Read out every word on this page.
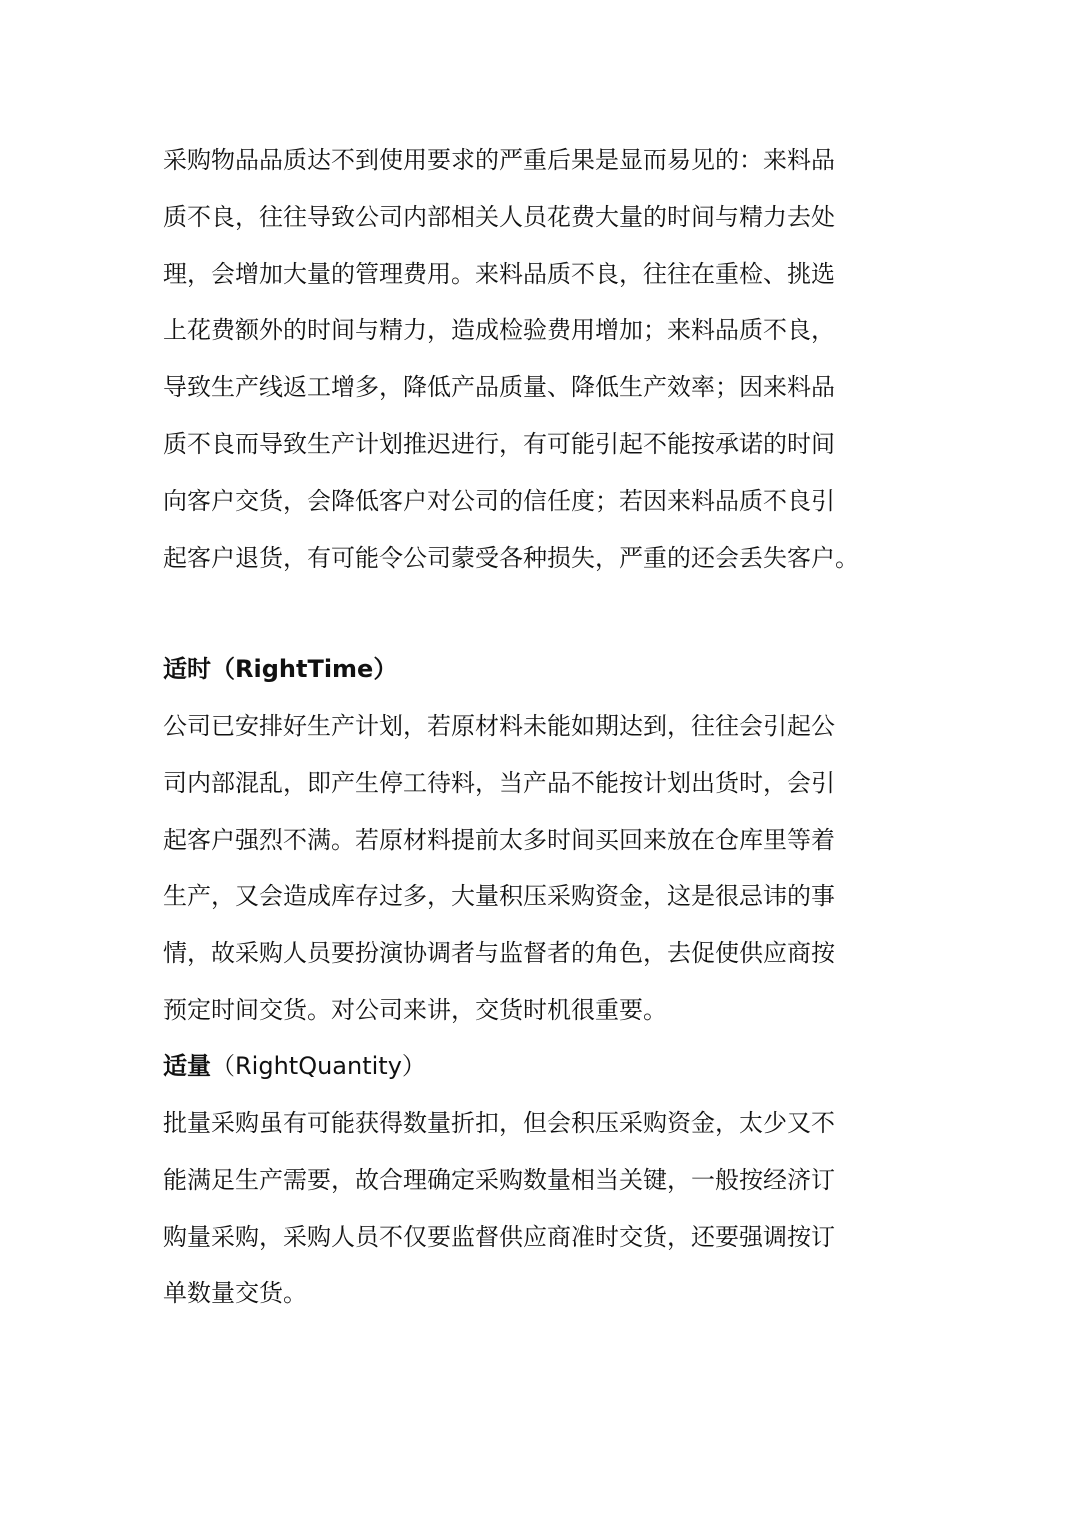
采购物品品质达不到使用要求的严重后果是显而易见的：来料品
质不良，往往导致公司内部相关人员花费大量的时间与精力去处
理，会增加大量的管理费用。来料品质不良，往往在重检、挑选
上花费额外的时间与精力，造成检验费用增加；来料品质不良，
导致生产线返工增多，降低产品质量、降低生产效率；因来料品
质不良而导致生产计划推迟进行，有可能引起不能按承诺的时间
向客户交货，会降低客户对公司的信任度；若因来料品质不良引
起客户退货，有可能令公司蒙受各种损失，严重的还会丢失客户。
适时（RightTime）
公司已安排好生产计划，若原材料未能如期达到，往往会引起公
司内部混乱，即产生停工待料，当产品不能按计划出货时，会引
起客户强烈不满。若原材料提前太多时间买回来放在仓库里等着
生产，又会造成库存过多，大量积压采购资金，这是很忌讳的事
情，故采购人员要扮演协调者与监督者的角色，去促使供应商按
预定时间交货。对公司来讲，交货时机很重要。
适量（RightQuantity）
批量采购虽有可能获得数量折扣，但会积压采购资金，太少又不
能满足生产需要，故合理确定采购数量相当关键，一般按经济订
购量采购，采购人员不仅要监督供应商准时交货，还要强调按订
单数量交货。
